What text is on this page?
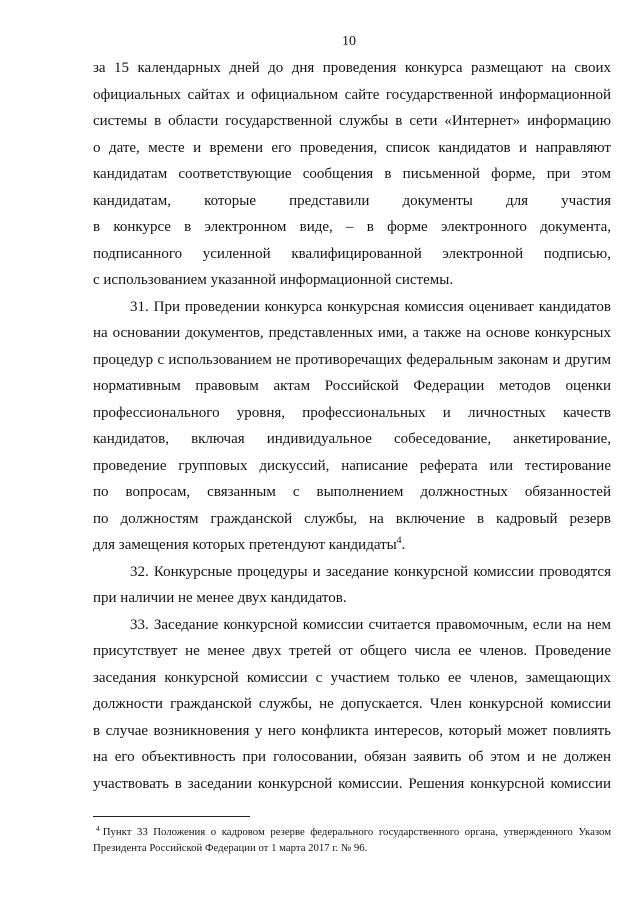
10
за 15 календарных дней до дня проведения конкурса размещают на своих
официальных сайтах и официальном сайте государственной информационной
системы в области государственной службы в сети «Интернет» информацию
о дате, месте и времени его проведения, список кандидатов и направляют
кандидатам соответствующие сообщения в письменной форме, при этом
кандидатам, которые представили документы для участия
в конкурсе в электронном виде, – в форме электронного документа,
подписанного усиленной квалифицированной электронной подписью,
с использованием указанной информационной системы.
31. При проведении конкурса конкурсная комиссия оценивает кандидатов
на основании документов, представленных ими, а также на основе конкурсных
процедур с использованием не противоречащих федеральным законам и другим
нормативным правовым актам Российской Федерации методов оценки
профессионального уровня, профессиональных и личностных качеств
кандидатов, включая индивидуальное собеседование, анкетирование,
проведение групповых дискуссий, написание реферата или тестирование
по вопросам, связанным с выполнением должностных обязанностей
по должностям гражданской службы, на включение в кадровый резерв
для замещения которых претендуют кандидаты$^4$.
32. Конкурсные процедуры и заседание конкурсной комиссии проводятся
при наличии не менее двух кандидатов.
33. Заседание конкурсной комиссии считается правомочным, если на нем
присутствует не менее двух третей от общего числа ее членов. Проведение
заседания конкурсной комиссии с участием только ее членов, замещающих
должности гражданской службы, не допускается. Член конкурсной комиссии
в случае возникновения у него конфликта интересов, который может повлиять
на его объективность при голосовании, обязан заявить об этом и не должен
участвовать в заседании конкурсной комиссии. Решения конкурсной комиссии
$^4$ Пункт 33 Положения о кадровом резерве федерального государственного органа, утвержденного Указом
Президента Российской Федерации от 1 марта 2017 г. № 96.
